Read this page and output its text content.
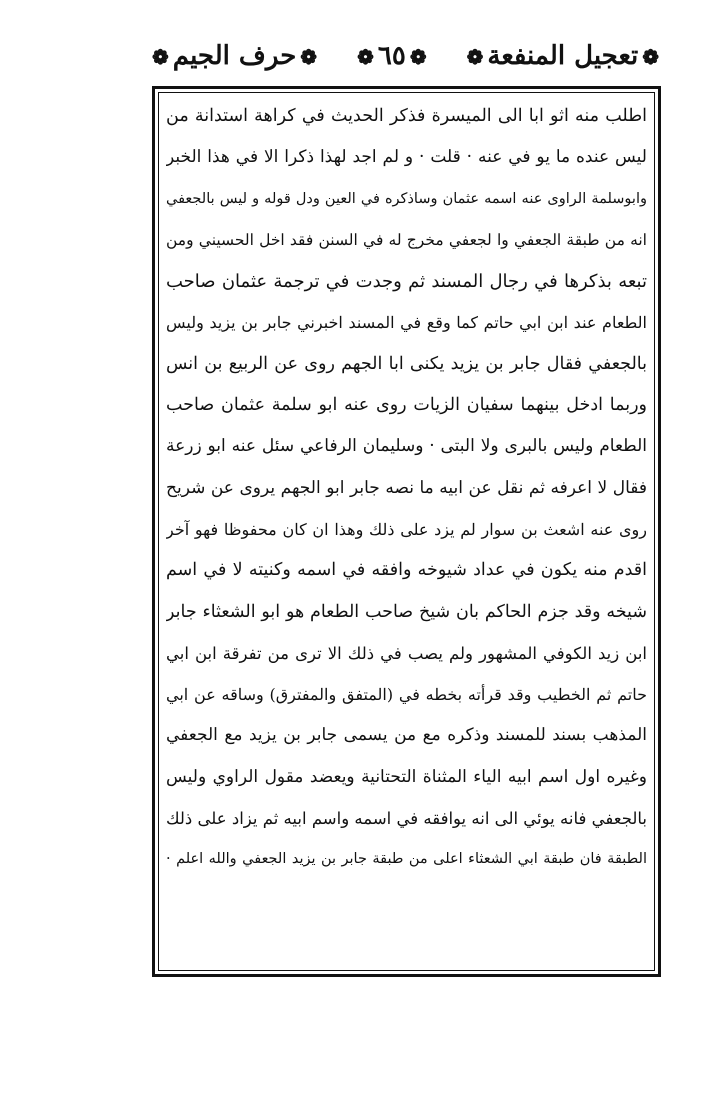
❁تعجيل المنفعة❁
❁٦٥❁
❁حرف الجيم❁
اطلب منه اثو ابا الى الميسرة فذكر الحديث في كراهة استدانة من
ليس عنده ما يو في عنه · قلت · و لم اجد لهذا ذكرا الا في هذا الخبر
وابوسلمة الراوى عنه اسمه عثمان وساذكره في العين ودل قوله و ليس بالجعفي
انه من طبقة الجعفي وا لجعفي مخرج له في السنن فقد اخل الحسيني ومن
تبعه بذكرها في رجال المسند ثم وجدت في ترجمة عثمان صاحب
الطعام عند ابن ابي حاتم كما وقع في المسند اخبرني جابر بن يزيد وليس
بالجعفي فقال جابر بن يزيد يكنى ابا الجهم روى عن الربيع بن انس
وربما ادخل بينهما سفيان الزيات روى عنه ابو سلمة عثمان صاحب
الطعام وليس بالبرى ولا البتى · وسليمان الرفاعي سئل عنه ابو زرعة
فقال لا اعرفه ثم نقل عن ابيه ما نصه جابر ابو الجهم يروى عن شريح
روى عنه اشعث بن سوار لم يزد على ذلك وهذا ان كان محفوظا فهو آخر
اقدم منه يكون في عداد شيوخه وافقه في اسمه وكنيته لا في اسم
شيخه وقد جزم الحاكم بان شيخ صاحب الطعام هو ابو الشعثاء جابر
ابن زيد الكوفي المشهور ولم يصب في ذلك الا ترى من تفرقة ابن ابي
حاتم ثم الخطيب وقد قرأته بخطه في (المتفق والمفترق) وساقه عن ابي
المذهب بسند للمسند وذكره مع من يسمى جابر بن يزيد مع الجعفي
وغيره اول اسم ابيه الياء المثناة التحتانية ويعضد مقول الراوي وليس
بالجعفي فانه يوئي الى انه يوافقه في اسمه واسم ابيه ثم يزاد على ذلك
الطبقة فان طبقة ابي الشعثاء اعلى من طبقة جابر بن يزيد الجعفي والله اعلم ·
